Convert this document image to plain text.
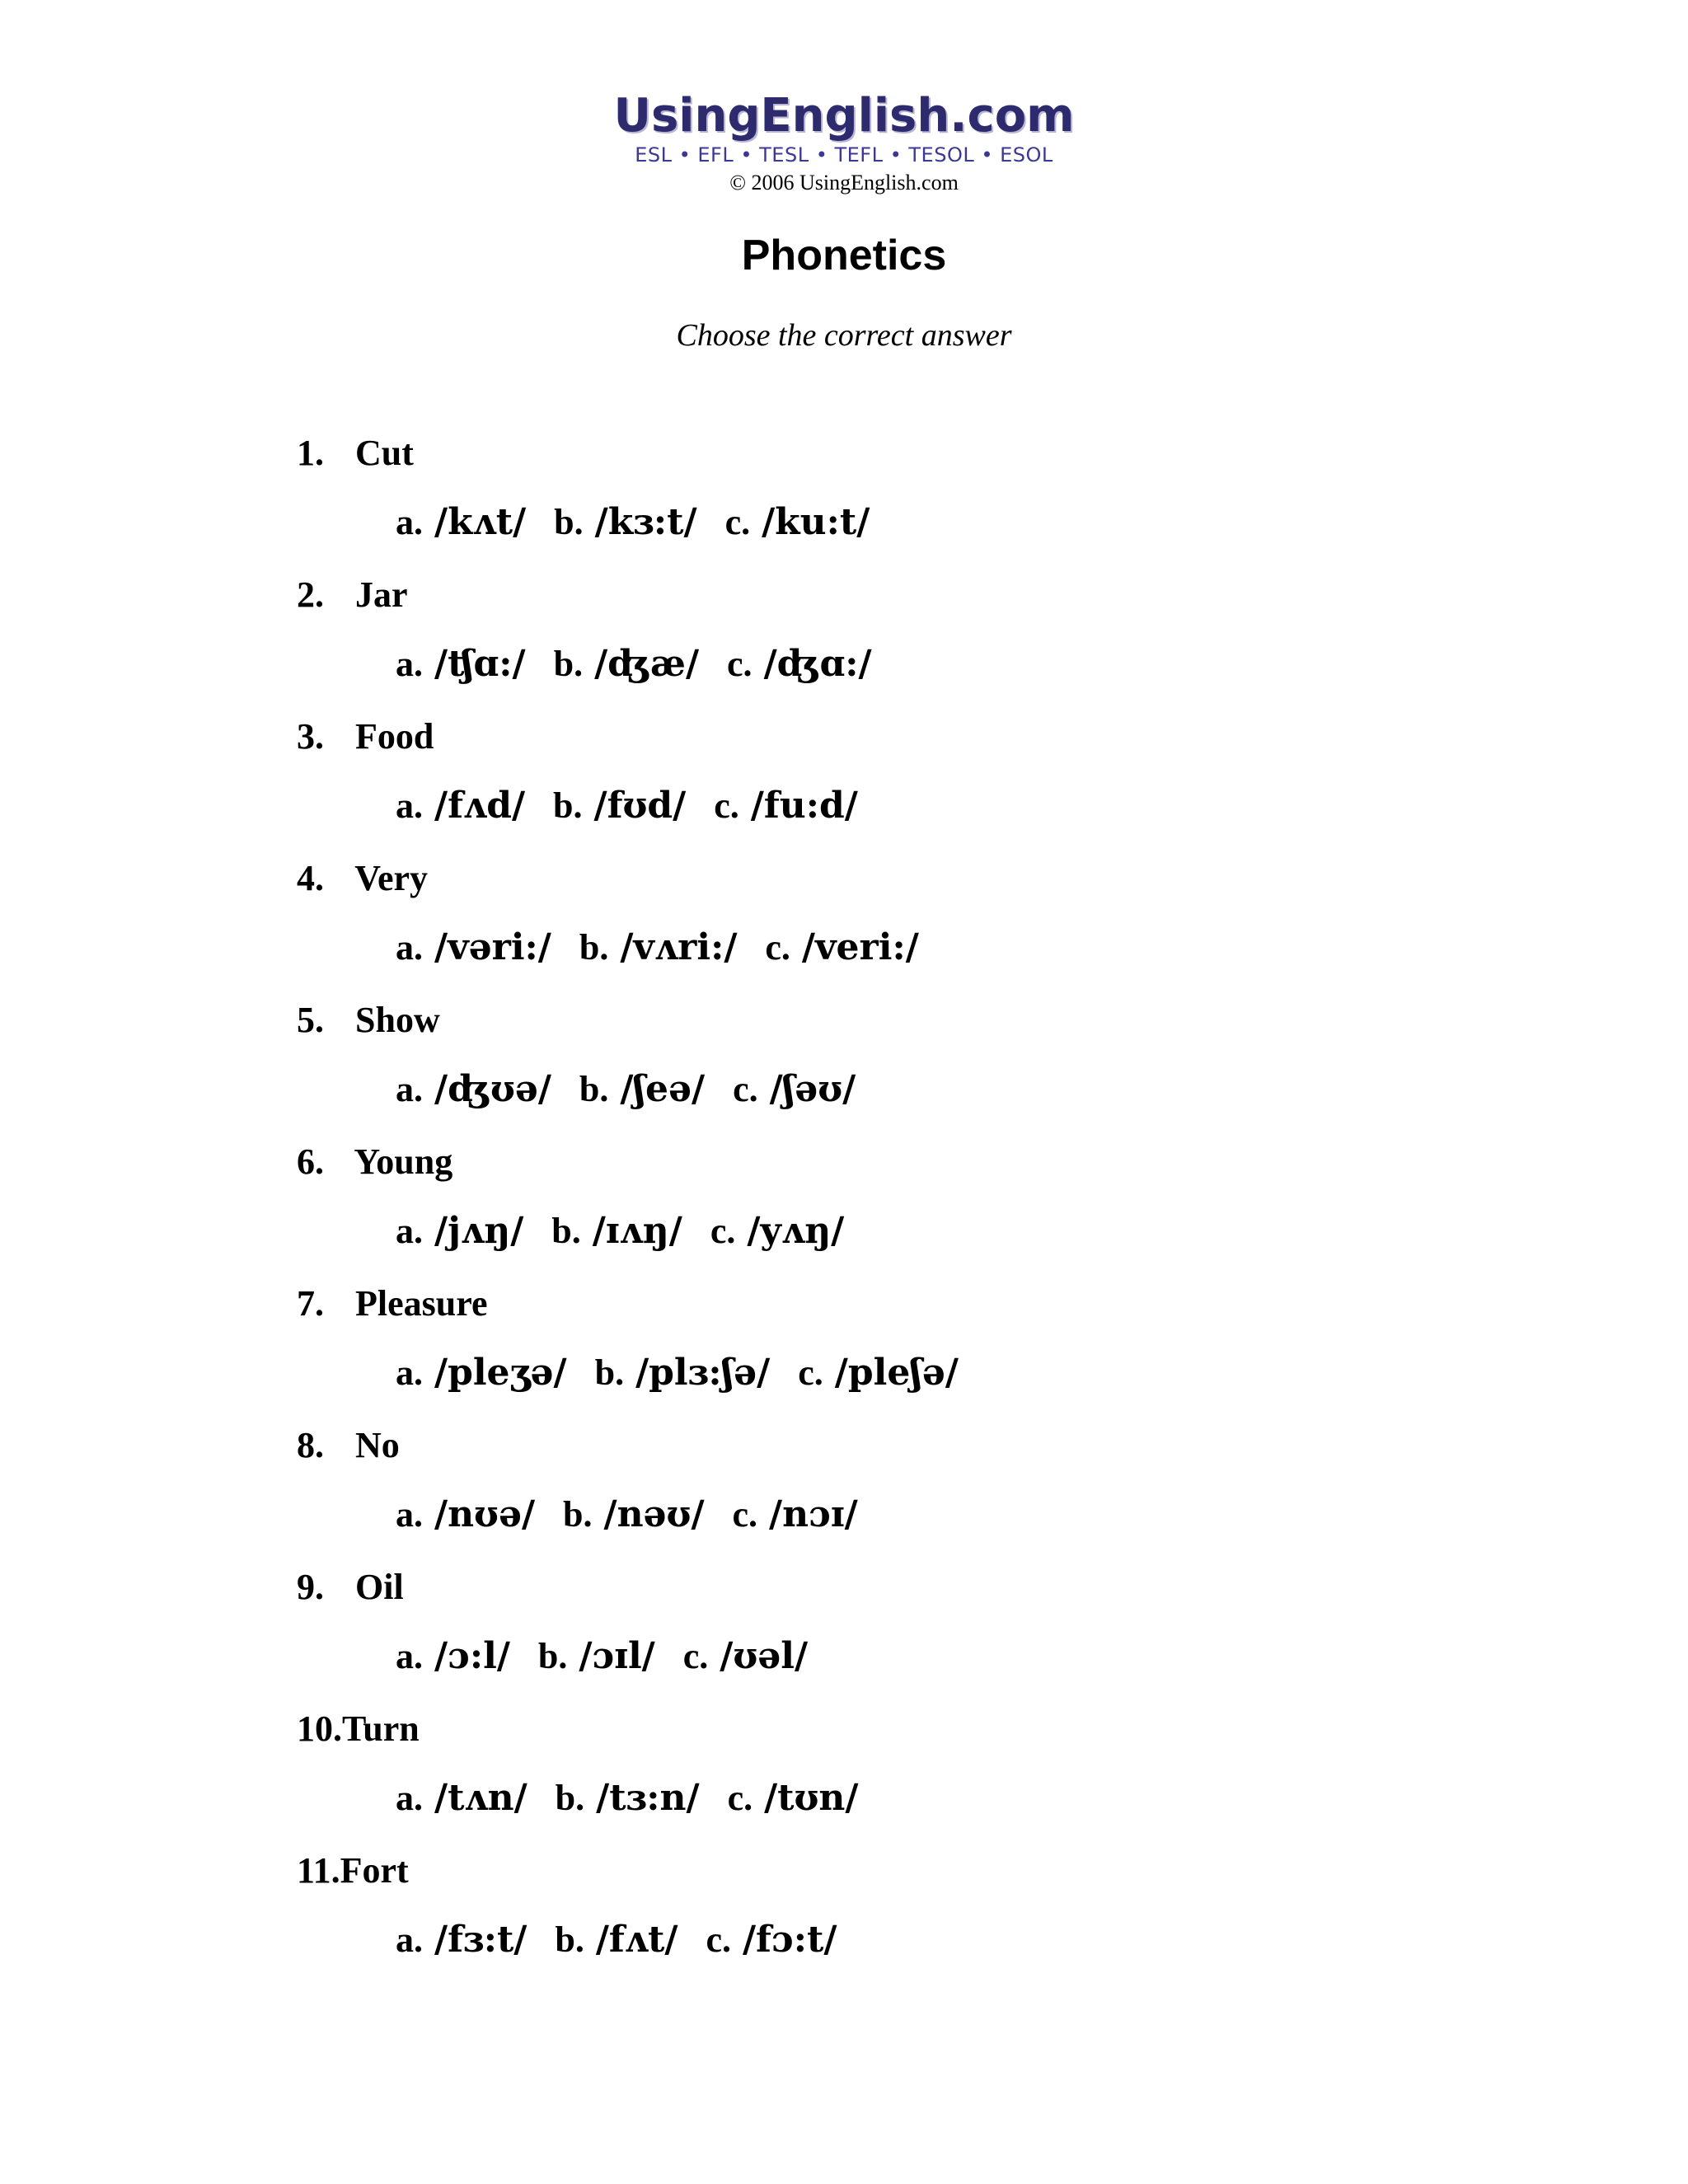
UsingEnglish.com
ESL • EFL • TESL • TEFL • TESOL • ESOL
© 2006 UsingEnglish.com
Phonetics
Choose the correct answer
1. Cut
a. /kʌt/ b. /kɜ:t/ c. /ku:t/
2. Jar
a. /ʧɑ:/ b. /ʤæ/ c. /ʤɑ:/
3. Food
a. /fʌd/ b. /fʊd/ c. /fu:d/
4. Very
a. /vəri:/ b. /vʌri:/ c. /veri:/
5. Show
a. /ʤʊə/ b. /ʃeə/ c. /ʃəʊ/
6. Young
a. /jʌŋ/ b. /ɪʌŋ/ c. /yʌŋ/
7. Pleasure
a. /pleʒə/ b. /plɜ:ʃə/ c. /pleʃə/
8. No
a. /nʊə/ b. /nəʊ/ c. /nɔɪ/
9. Oil
a. /ɔ:l/ b. /ɔɪl/ c. /ʊəl/
10.Turn
a. /tʌn/ b. /tɜ:n/ c. /tʊn/
11.Fort
a. /fɜ:t/ b. /fʌt/ c. /fɔ:t/
